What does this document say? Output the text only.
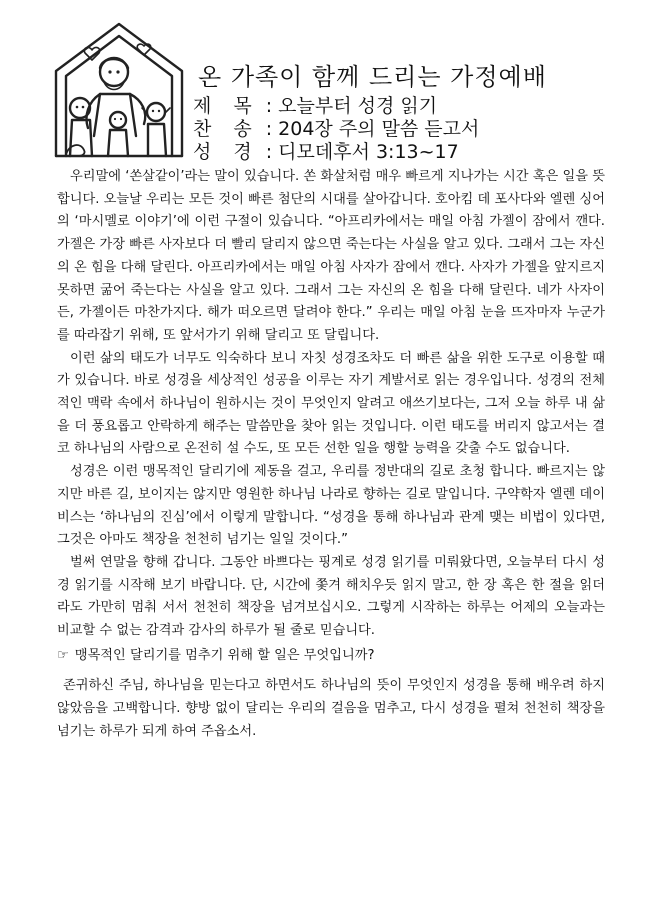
온 가족이 함께 드리는 가정예배
제 목 : 오늘부터 성경 읽기
찬 송 : 204장 주의 말씀 듣고서
성 경 : 디모데후서 3:13~17

우리말에 ‘쏜살같이’라는 말이 있습니다. 쏜 화살처럼 매우 빠르게 지나가는 시간 혹은 일을 뜻합니다. 오늘날 우리는 모든 것이 빠른 첨단의 시대를 살아갑니다. 호아킴 데 포사다와 엘렌 싱어의 ‘마시멜로 이야기’에 이런 구절이 있습니다. “아프리카에서는 매일 아침 가젤이 잠에서 깬다. 가젤은 가장 빠른 사자보다 더 빨리 달리지 않으면 죽는다는 사실을 알고 있다. 그래서 그는 자신의 온 힘을 다해 달린다. 아프리카에서는 매일 아침 사자가 잠에서 깬다. 사자가 가젤을 앞지르지 못하면 굶어 죽는다는 사실을 알고 있다. 그래서 그는 자신의 온 힘을 다해 달린다. 네가 사자이든, 가젤이든 마찬가지다. 해가 떠오르면 달려야 한다.” 우리는 매일 아침 눈을 뜨자마자 누군가를 따라잡기 위해, 또 앞서가기 위해 달리고 또 달립니다.

이런 삶의 태도가 너무도 익숙하다 보니 자칫 성경조차도 더 빠른 삶을 위한 도구로 이용할 때가 있습니다. 바로 성경을 세상적인 성공을 이루는 자기 계발서로 읽는 경우입니다. 성경의 전체적인 맥락 속에서 하나님이 원하시는 것이 무엇인지 알려고 애쓰기보다는, 그저 오늘 하루 내 삶을 더 풍요롭고 안락하게 해주는 말씀만을 찾아 읽는 것입니다. 이런 태도를 버리지 않고서는 결코 하나님의 사람으로 온전히 설 수도, 또 모든 선한 일을 행할 능력을 갖출 수도 없습니다.

성경은 이런 맹목적인 달리기에 제동을 걸고, 우리를 정반대의 길로 초청 합니다. 빠르지는 않지만 바른 길, 보이지는 않지만 영원한 하나님 나라로 향하는 길로 말입니다. 구약학자 엘렌 데이비스는 ‘하나님의 진심’에서 이렇게 말합니다. “성경을 통해 하나님과 관계 맺는 비법이 있다면, 그것은 아마도 책장을 천천히 넘기는 일일 것이다.”

벌써 연말을 향해 갑니다. 그동안 바쁘다는 핑계로 성경 읽기를 미뤄왔다면, 오늘부터 다시 성경 읽기를 시작해 보기 바랍니다. 단, 시간에 쫓겨 해치우듯 읽지 말고, 한 장 혹은 한 절을 읽더라도 가만히 멈춰 서서 천천히 책장을 넘겨보십시오. 그렇게 시작하는 하루는 어제의 오늘과는 비교할 수 없는 감격과 감사의 하루가 될 줄로 믿습니다.

☞ 맹목적인 달리기를 멈추기 위해 할 일은 무엇입니까?

존귀하신 주님, 하나님을 믿는다고 하면서도 하나님의 뜻이 무엇인지 성경을 통해 배우려 하지 않았음을 고백합니다. 향방 없이 달리는 우리의 걸음을 멈추고, 다시 성경을 펼쳐 천천히 책장을 넘기는 하루가 되게 하여 주옵소서.
